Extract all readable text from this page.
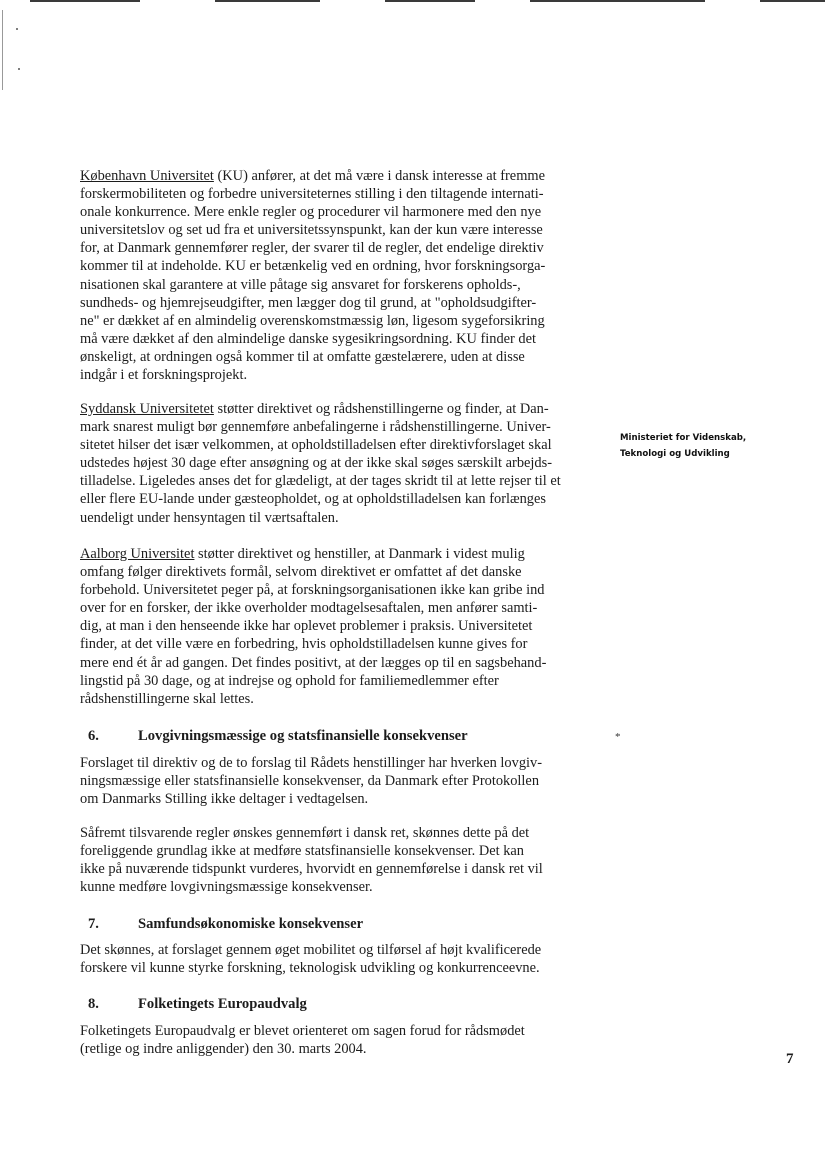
Ministeriet for Videnskab,
Teknologi og Udvikling
*
København Universitet (KU) anfører, at det må være i dansk interesse at fremme
forskermobiliteten og forbedre universiteternes stilling i den tiltagende internati-
onale konkurrence. Mere enkle regler og procedurer vil harmonere med den nye
universitetslov og set ud fra et universitetssynspunkt, kan der kun være interesse
for, at Danmark gennemfører regler, der svarer til de regler, det endelige direktiv
kommer til at indeholde. KU er betænkelig ved en ordning, hvor forskningsorga-
nisationen skal garantere at ville påtage sig ansvaret for forskerens opholds-,
sundheds- og hjemrejseudgifter, men lægger dog til grund, at "opholdsudgifter-
ne" er dækket af en almindelig overenskomstmæssig løn, ligesom sygeforsikring
må være dækket af den almindelige danske sygesikringsordning. KU finder det
ønskeligt, at ordningen også kommer til at omfatte gæstelærere, uden at disse
indgår i et forskningsprojekt.
Syddansk Universitetet støtter direktivet og rådshenstillingerne og finder, at Dan-
mark snarest muligt bør gennemføre anbefalingerne i rådshenstillingerne. Univer-
sitetet hilser det især velkommen, at opholdstilladelsen efter direktivforslaget skal
udstedes højest 30 dage efter ansøgning og at der ikke skal søges særskilt arbejds-
tilladelse. Ligeledes anses det for glædeligt, at der tages skridt til at lette rejser til et
eller flere EU-lande under gæsteopholdet, og at opholdstilladelsen kan forlænges
uendeligt under hensyntagen til værtsaftalen.
Aalborg Universitet støtter direktivet og henstiller, at Danmark i videst mulig
omfang følger direktivets formål, selvom direktivet er omfattet af det danske
forbehold. Universitetet peger på, at forskningsorganisationen ikke kan gribe ind
over for en forsker, der ikke overholder modtagelsesaftalen, men anfører samti-
dig, at man i den henseende ikke har oplevet problemer i praksis. Universitetet
finder, at det ville være en forbedring, hvis opholdstilladelsen kunne gives for
mere end ét år ad gangen. Det findes positivt, at der lægges op til en sagsbehand-
lingstid på 30 dage, og at indrejse og ophold for familiemedlemmer efter
rådshenstillingerne skal lettes.
6.	Lovgivningsmæssige og statsfinansielle konsekvenser
Forslaget til direktiv og de to forslag til Rådets henstillinger har hverken lovgiv-
ningsmæssige eller statsfinansielle konsekvenser, da Danmark efter Protokollen
om Danmarks Stilling ikke deltager i vedtagelsen.
Såfremt tilsvarende regler ønskes gennemført i dansk ret, skønnes dette på det
foreliggende grundlag ikke at medføre statsfinansielle konsekvenser. Det kan
ikke på nuværende tidspunkt vurderes, hvorvidt en gennemførelse i dansk ret vil
kunne medføre lovgivningsmæssige konsekvenser.
7.	Samfundsøkonomiske konsekvenser
Det skønnes, at forslaget gennem øget mobilitet og tilførsel af højt kvalificerede
forskere vil kunne styrke forskning, teknologisk udvikling og konkurrenceevne.
8.	Folketingets Europaudvalg
Folketingets Europaudvalg er blevet orienteret om sagen forud for rådsmødet
(retlige og indre anliggender) den 30. marts 2004.
7
